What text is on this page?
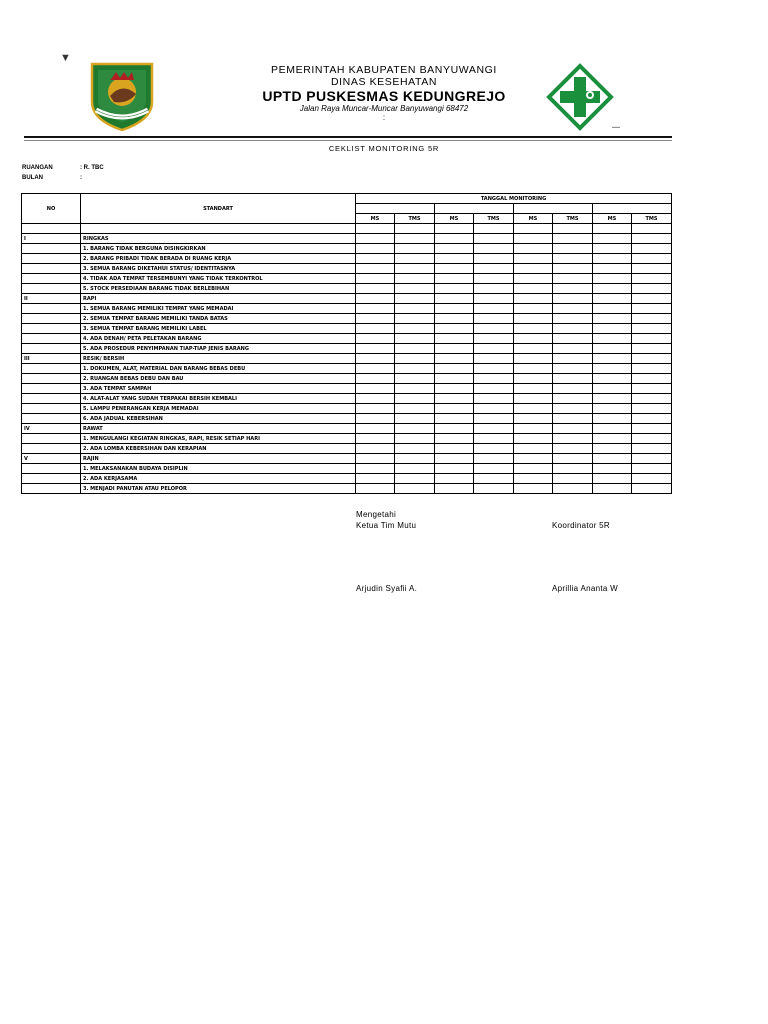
▼
▬▬
PEMERINTAH KABUPATEN BANYUWANGI
DINAS KESEHATAN
UPTD PUSKESMAS KEDUNGREJO
Jalan Raya Muncar-Muncar Banyuwangi 68472
:
CEKLIST MONITORING 5R
RUANGAN	: R. TBC
BULAN	:
NO	STANDART	TANGGAL MONITORING							

		MS	TMS	MS	TMS	MS	TMS	MS	TMS

I	RINGKAS								
	1. BARANG TIDAK BERGUNA DISINGKIRKAN								
	2. BARANG PRIBADI TIDAK BERADA DI RUANG KERJA								
	3. SEMUA BARANG DIKETAHUI STATUS/ IDENTITASNYA								
	4. TIDAK ADA TEMPAT TERSEMBUNYI YANG TIDAK TERKONTROL								
	5. STOCK PERSEDIAAN BARANG TIDAK BERLEBIHAN								
II	RAPI								
	1. SEMUA BARANG MEMILIKI TEMPAT YANG MEMADAI								
	2. SEMUA TEMPAT BARANG MEMILIKI TANDA BATAS								
	3. SEMUA TEMPAT BARANG MEMILIKI LABEL								
	4. ADA DENAH/ PETA PELETAKAN BARANG								
	5. ADA PROSEDUR PENYIMPANAN TIAP-TIAP JENIS BARANG								
III	RESIK/ BERSIH								
	1. DOKUMEN, ALAT, MATERIAL DAN BARANG BEBAS DEBU								
	2. RUANGAN BEBAS DEBU DAN BAU								
	3. ADA TEMPAT SAMPAH								
	4. ALAT-ALAT YANG SUDAH TERPAKAI BERSIH KEMBALI								
	5. LAMPU PENERANGAN KERJA MEMADAI								
	6. ADA JADUAL KEBERSIHAN								
IV	RAWAT								
	1. MENGULANGI KEGIATAN RINGKAS, RAPI, RESIK SETIAP HARI								
	2. ADA LOMBA KEBERSIHAN DAN KERAPIAN								
V	RAJIN								
	1. MELAKSANAKAN BUDAYA DISIPLIN								
	2. ADA KERJASAMA								
	3. MENJADI PANUTAN ATAU PELOPOR								
Mengetahi
Ketua Tim Mutu	Koordinator 5R
Arjudin Syafii A.	Aprillia Ananta W
